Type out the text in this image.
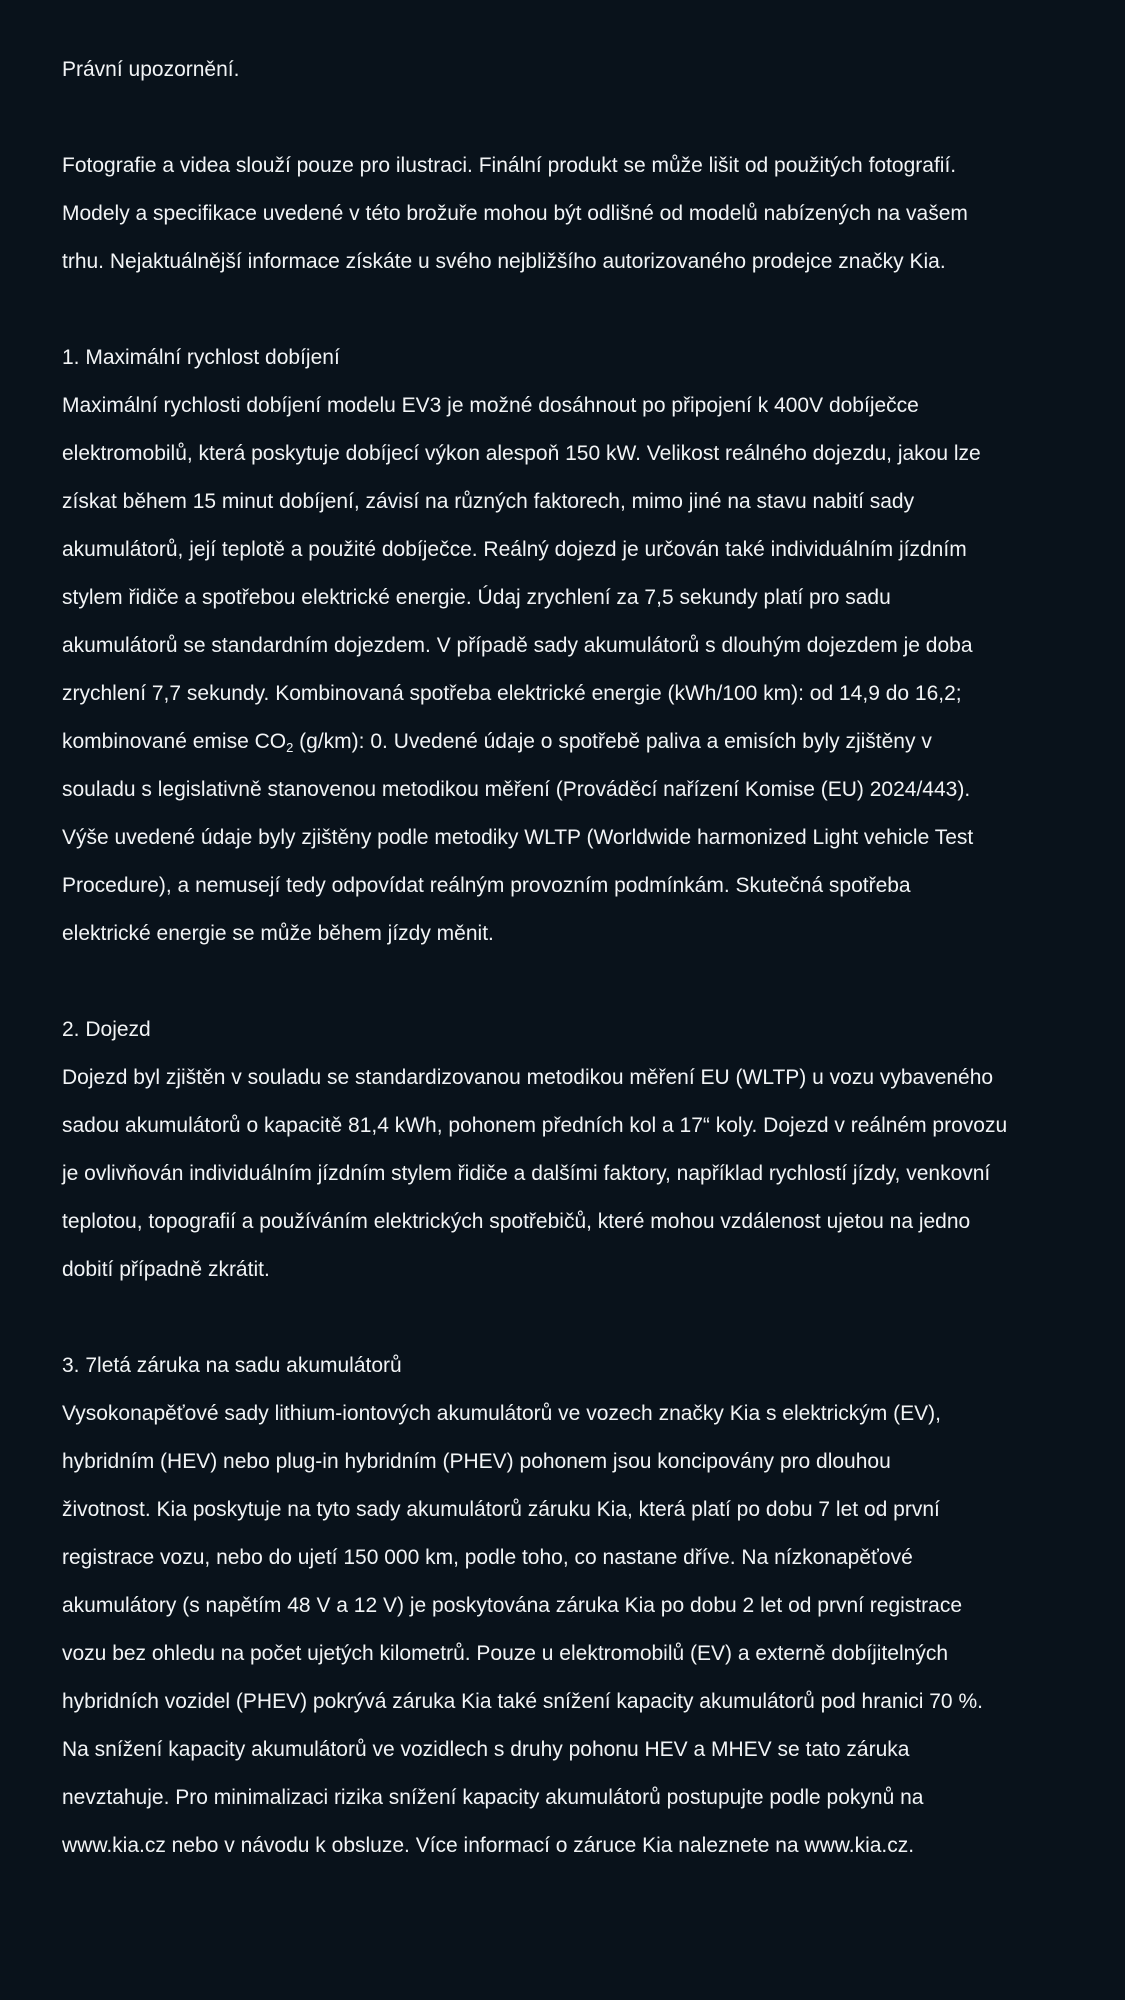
Právní upozornění.
Fotografie a videa slouží pouze pro ilustraci. Finální produkt se může lišit od použitých fotografií.
Modely a specifikace uvedené v této brožuře mohou být odlišné od modelů nabízených na vašem
trhu. Nejaktuálnější informace získáte u svého nejbližšího autorizovaného prodejce značky Kia.
1. Maximální rychlost dobíjení
Maximální rychlosti dobíjení modelu EV3 je možné dosáhnout po připojení k 400V dobíječce
elektromobilů, která poskytuje dobíjecí výkon alespoň 150 kW. Velikost reálného dojezdu, jakou lze
získat během 15 minut dobíjení, závisí na různých faktorech, mimo jiné na stavu nabití sady
akumulátorů, její teplotě a použité dobíječce. Reálný dojezd je určován také individuálním jízdním
stylem řidiče a spotřebou elektrické energie. Údaj zrychlení za 7,5 sekundy platí pro sadu
akumulátorů se standardním dojezdem. V případě sady akumulátorů s dlouhým dojezdem je doba
zrychlení 7,7 sekundy. Kombinovaná spotřeba elektrické energie (kWh/100 km): od 14,9 do 16,2;
kombinované emise $CO_2$ (g/km): 0. Uvedené údaje o spotřebě paliva a emisích byly zjištěny v
souladu s legislativně stanovenou metodikou měření (Prováděcí nařízení Komise (EU) 2024/443).
Výše uvedené údaje byly zjištěny podle metodiky WLTP (Worldwide harmonized Light vehicle Test
Procedure), a nemusejí tedy odpovídat reálným provozním podmínkám. Skutečná spotřeba
elektrické energie se může během jízdy měnit.
2. Dojezd
Dojezd byl zjištěn v souladu se standardizovanou metodikou měření EU (WLTP) u vozu vybaveného
sadou akumulátorů o kapacitě 81,4 kWh, pohonem předních kol a 17“ koly. Dojezd v reálném provozu
je ovlivňován individuálním jízdním stylem řidiče a dalšími faktory, například rychlostí jízdy, venkovní
teplotou, topografií a používáním elektrických spotřebičů, které mohou vzdálenost ujetou na jedno
dobití případně zkrátit.
3. 7letá záruka na sadu akumulátorů
Vysokonapěťové sady lithium-iontových akumulátorů ve vozech značky Kia s elektrickým (EV),
hybridním (HEV) nebo plug-in hybridním (PHEV) pohonem jsou koncipovány pro dlouhou
životnost. Kia poskytuje na tyto sady akumulátorů záruku Kia, která platí po dobu 7 let od první
registrace vozu, nebo do ujetí 150 000 km, podle toho, co nastane dříve. Na nízkonapěťové
akumulátory (s napětím 48 V a 12 V) je poskytována záruka Kia po dobu 2 let od první registrace
vozu bez ohledu na počet ujetých kilometrů. Pouze u elektromobilů (EV) a externě dobíjitelných
hybridních vozidel (PHEV) pokrývá záruka Kia také snížení kapacity akumulátorů pod hranici 70 %.
Na snížení kapacity akumulátorů ve vozidlech s druhy pohonu HEV a MHEV se tato záruka
nevztahuje. Pro minimalizaci rizika snížení kapacity akumulátorů postupujte podle pokynů na
www.kia.cz nebo v návodu k obsluze. Více informací o záruce Kia naleznete na www.kia.cz.
